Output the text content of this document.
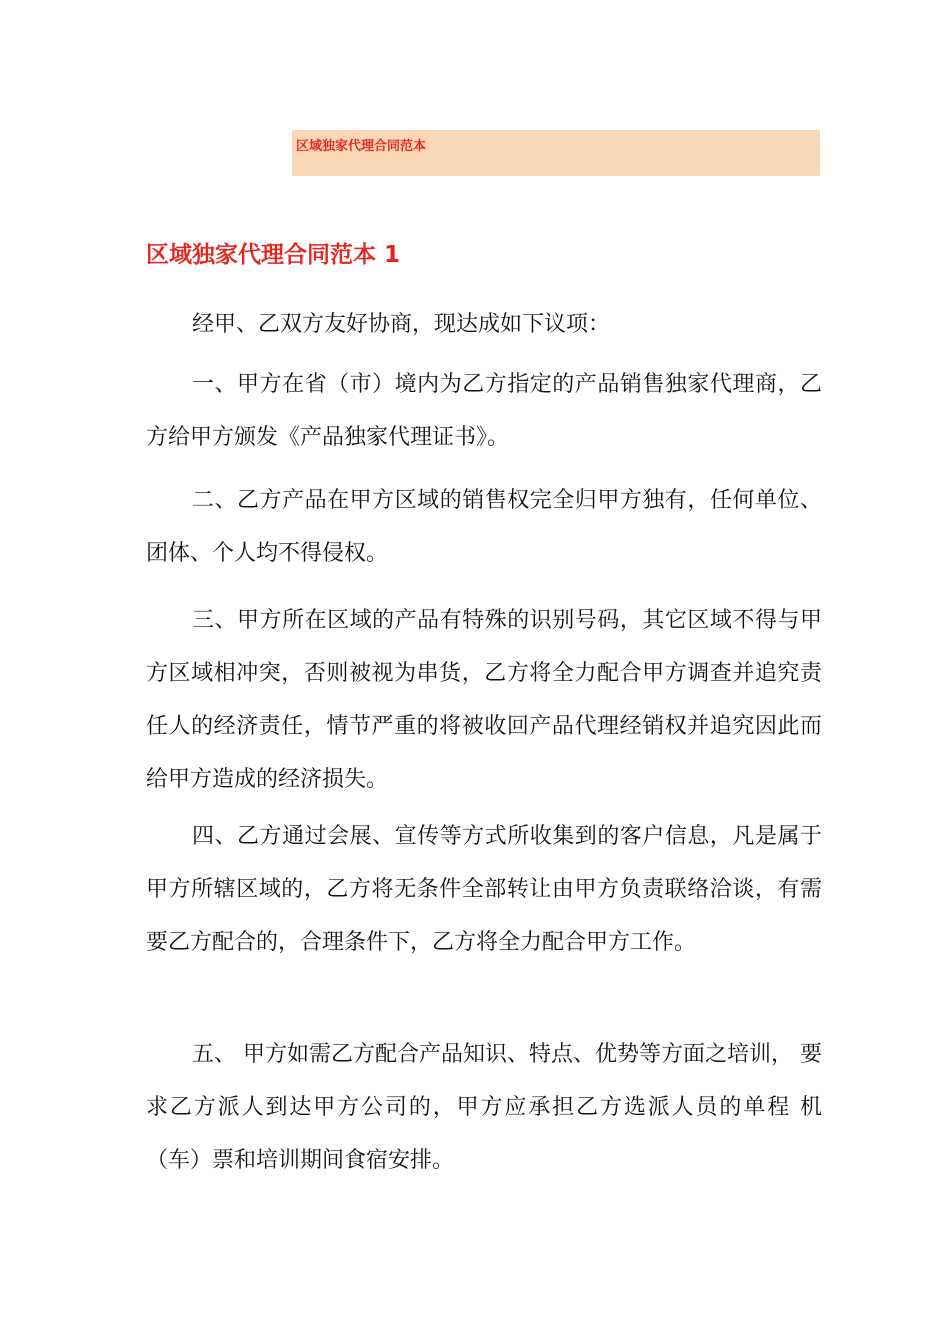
区域独家代理合同范本
区域独家代理合同范本 1

经甲、乙双方友好协商，现达成如下议项：

一、甲方在省（市）境内为乙方指定的产品销售独家代理商，乙方给甲方颁发《产品独家代理证书》。

二、乙方产品在甲方区域的销售权完全归甲方独有，任何单位、团体、个人均不得侵权。

三、甲方所在区域的产品有特殊的识别号码，其它区域不得与甲方区域相冲突，否则被视为串货，乙方将全力配合甲方调查并追究责任人的经济责任，情节严重的将被收回产品代理经销权并追究因此而给甲方造成的经济损失。

四、乙方通过会展、宣传等方式所收集到的客户信息，凡是属于甲方所辖区域的，乙方将无条件全部转让由甲方负责联络洽谈，有需要乙方配合的，合理条件下，乙方将全力配合甲方工作。

五、 甲方如需乙方配合产品知识、特点、优势等方面之培训， 要求乙方派人到达甲方公司的，甲方应承担乙方选派人员的单程 机（车）票和培训期间食宿安排。
